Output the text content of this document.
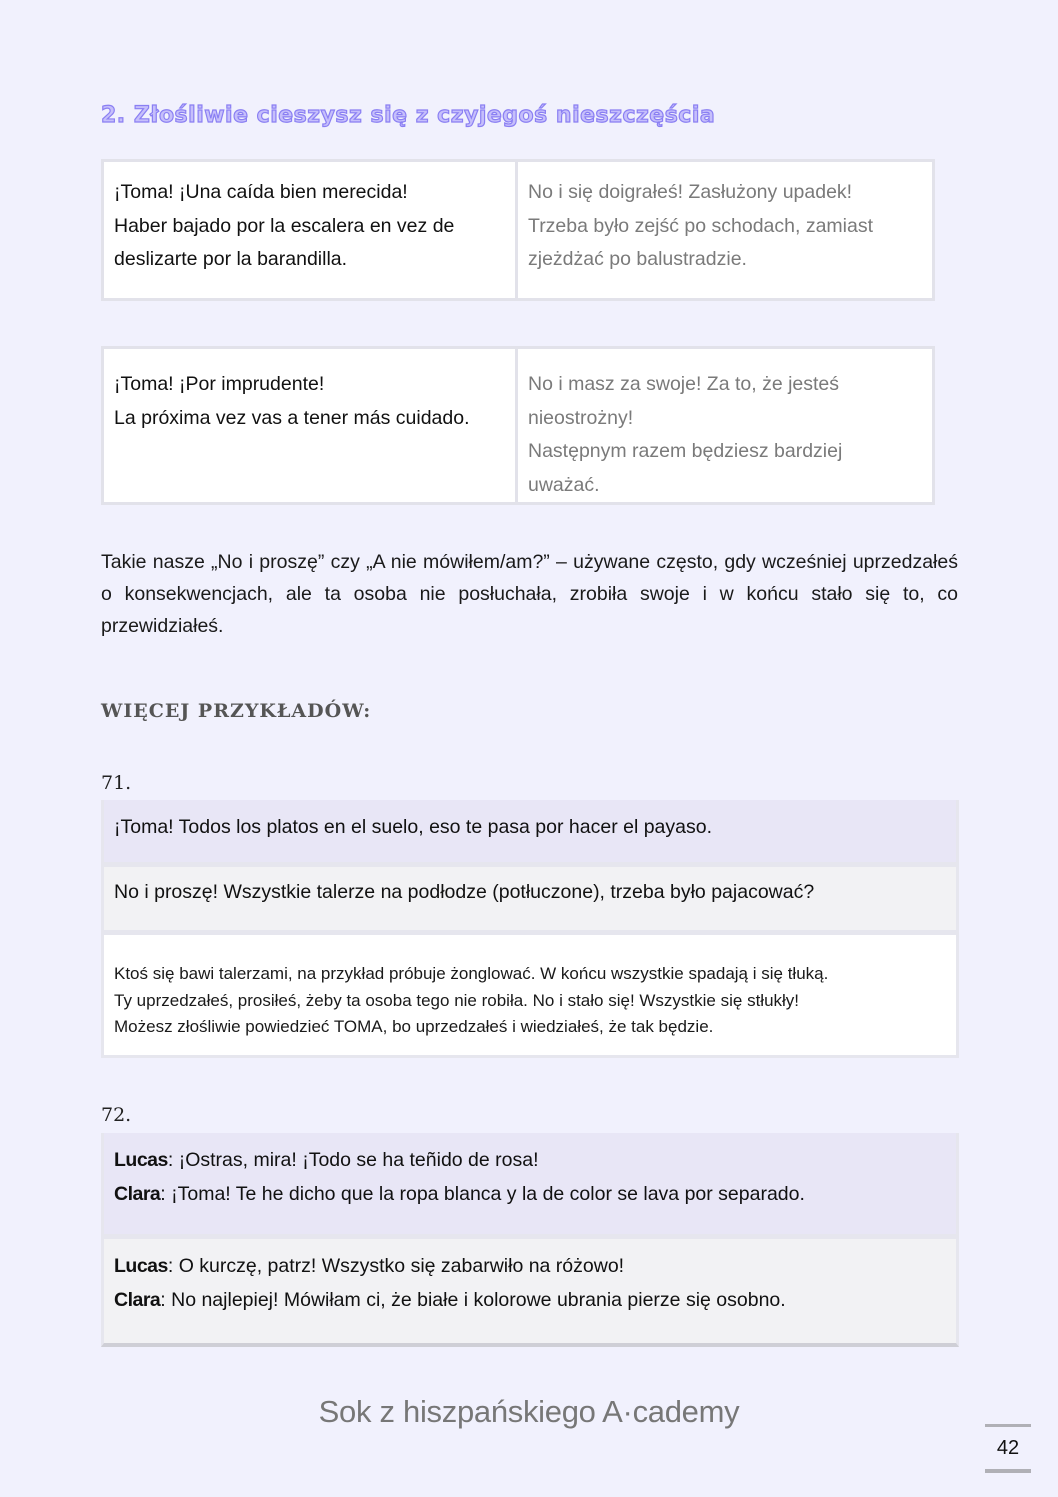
2. Złośliwie cieszysz się z czyjegoś nieszczęścia
¡Toma! ¡Una caída bien merecida!
Haber bajado por la escalera en vez de
deslizarte por la barandilla.
No i się doigrałeś! Zasłużony upadek!
Trzeba było zejść po schodach, zamiast
zjeżdżać po balustradzie.
¡Toma! ¡Por imprudente!
La próxima vez vas a tener más cuidado.
No i masz za swoje! Za to, że jesteś
nieostrożny!
Następnym razem będziesz bardziej
uważać.

Takie nasze „No i proszę” czy „A nie mówiłem/am?” – używane często, gdy wcześniej uprzedzałeś o konsekwencjach, ale ta osoba nie posłuchała, zrobiła swoje i w końcu stało się to, co przewidziałeś.

WIĘCEJ PRZYKŁADÓW:

71.

¡Toma! Todos los platos en el suelo, eso te pasa por hacer el payaso.
No i proszę! Wszystkie talerze na podłodze (potłuczone), trzeba było pajacować?
Ktoś się bawi talerzami, na przykład próbuje żonglować. W końcu wszystkie spadają i się tłuką.
Ty uprzedzałeś, prosiłeś, żeby ta osoba tego nie robiła. No i stało się! Wszystkie się stłukły!
Możesz złośliwie powiedzieć TOMA, bo uprzedzałeś i wiedziałeś, że tak będzie.

72.

Lucas: ¡Ostras, mira! ¡Todo se ha teñido de rosa!
Clara: ¡Toma! Te he dicho que la ropa blanca y la de color se lava por separado.
Lucas: O kurczę, patrz! Wszystko się zabarwiło na różowo!
Clara: No najlepiej! Mówiłam ci, że białe i kolorowe ubrania pierze się osobno.

Sok z hiszpańskiego A·cademy

42
